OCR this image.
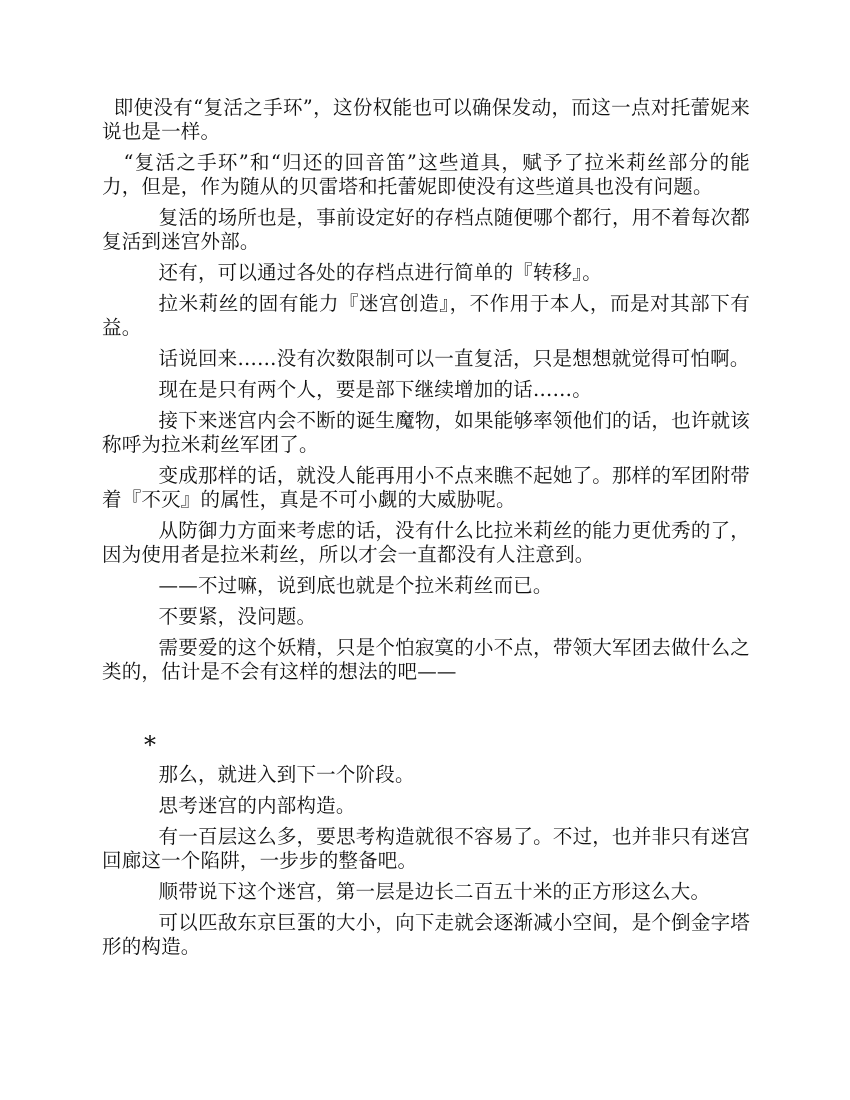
即使没有“复活之手环”，这份权能也可以确保发动，而这一点对托蕾妮来说也是一样。

“复活之手环”和“归还的回音笛”这些道具，赋予了拉米莉丝部分的能力，但是，作为随从的贝雷塔和托蕾妮即使没有这些道具也没有问题。

复活的场所也是，事前设定好的存档点随便哪个都行，用不着每次都复活到迷宫外部。

还有，可以通过各处的存档点进行简单的『转移』。

拉米莉丝的固有能力『迷宫创造』，不作用于本人，而是对其部下有益。

话说回来……没有次数限制可以一直复活，只是想想就觉得可怕啊。

现在是只有两个人，要是部下继续增加的话……。

接下来迷宫内会不断的诞生魔物，如果能够率领他们的话，也许就该称呼为拉米莉丝军团了。

变成那样的话，就没人能再用小不点来瞧不起她了。那样的军团附带着『不灭』的属性，真是不可小觑的大威胁呢。

从防御力方面来考虑的话，没有什么比拉米莉丝的能力更优秀的了，因为使用者是拉米莉丝，所以才会一直都没有人注意到。

——不过嘛，说到底也就是个拉米莉丝而已。

不要紧，没问题。

需要爱的这个妖精，只是个怕寂寞的小不点，带领大军团去做什么之类的，估计是不会有这样的想法的吧——

*

那么，就进入到下一个阶段。

思考迷宫的内部构造。

有一百层这么多，要思考构造就很不容易了。不过，也并非只有迷宫回廊这一个陷阱，一步步的整备吧。

顺带说下这个迷宫，第一层是边长二百五十米的正方形这么大。

可以匹敌东京巨蛋的大小，向下走就会逐渐减小空间，是个倒金字塔形的构造。
